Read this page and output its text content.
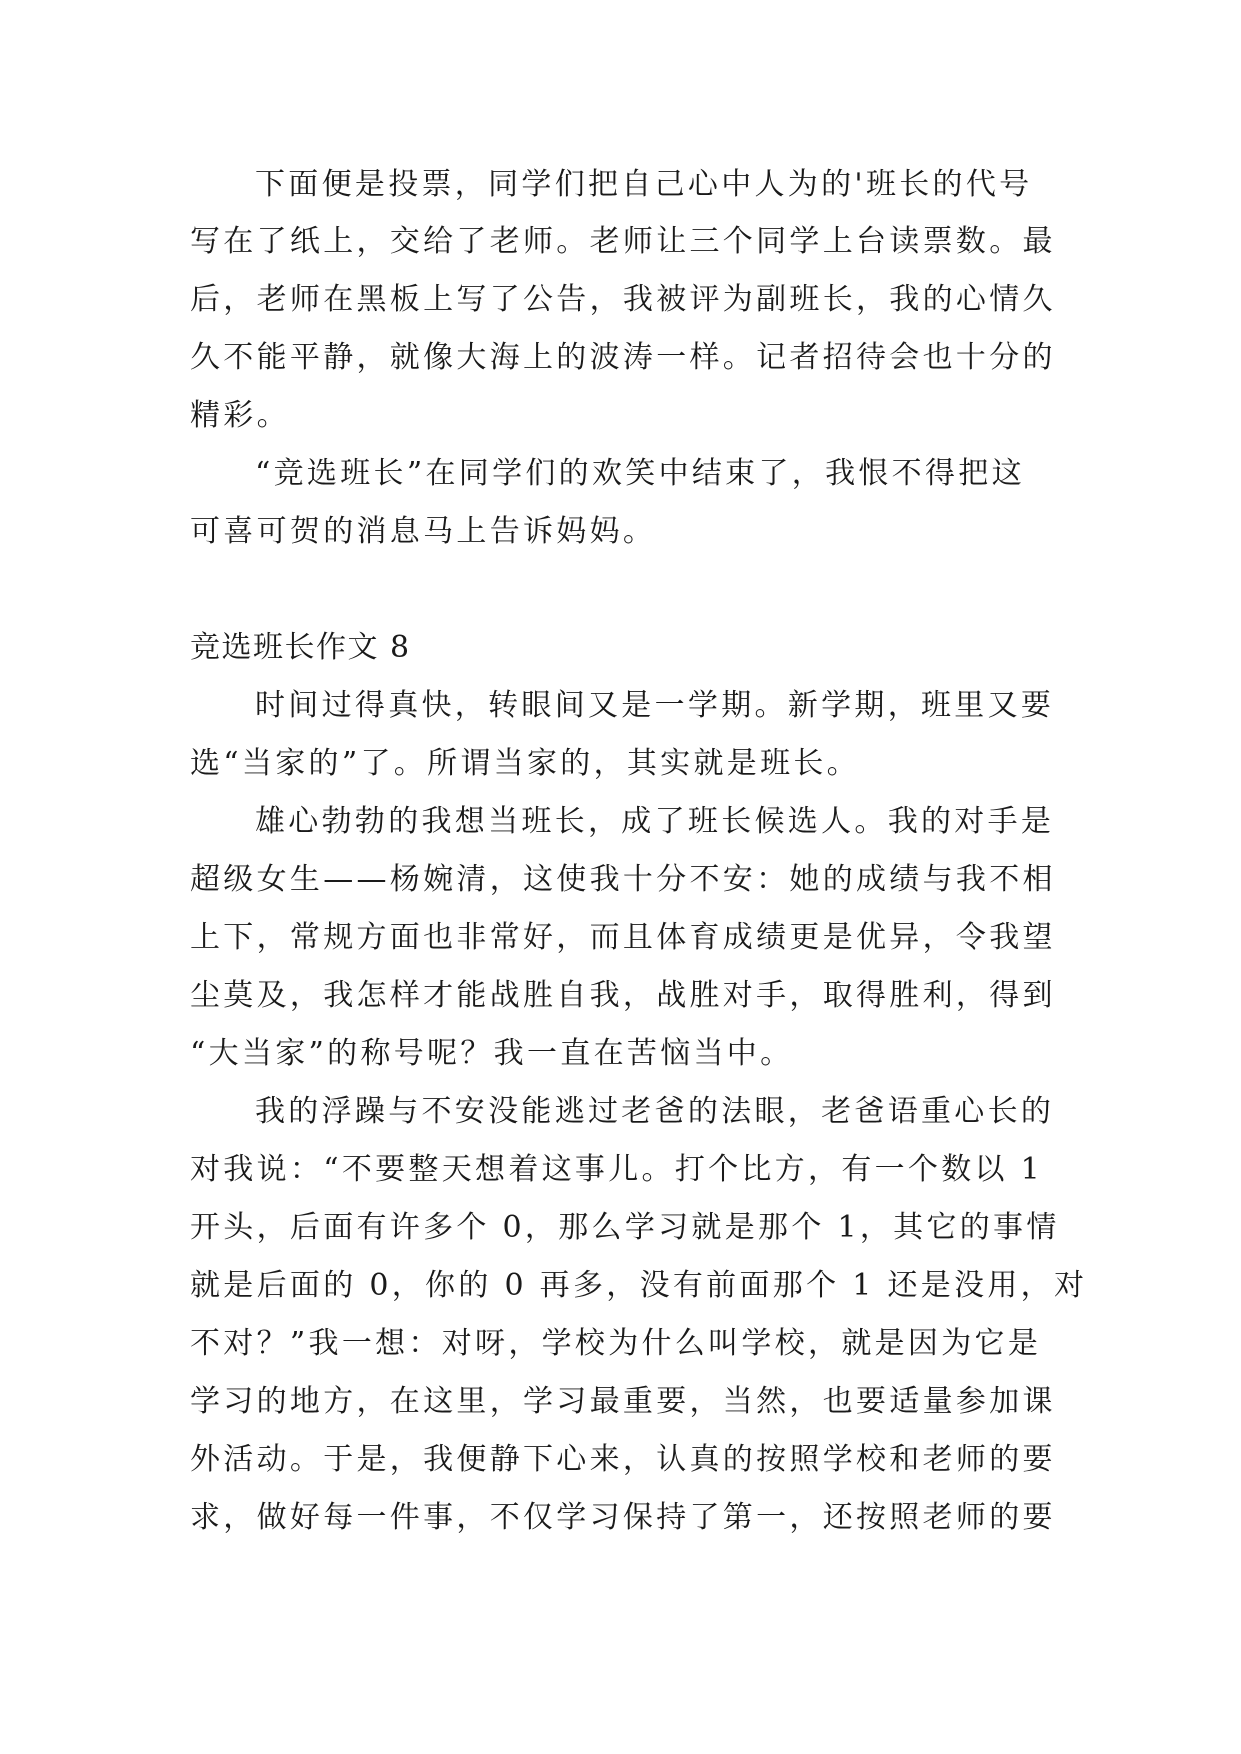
下面便是投票，同学们把自己心中人为的'班长的代号
写在了纸上，交给了老师。老师让三个同学上台读票数。最
后，老师在黑板上写了公告，我被评为副班长，我的心情久
久不能平静，就像大海上的波涛一样。记者招待会也十分的
精彩。
“竞选班长”在同学们的欢笑中结束了，我恨不得把这
可喜可贺的消息马上告诉妈妈。
竞选班长作文 8
时间过得真快，转眼间又是一学期。新学期，班里又要
选“当家的”了。所谓当家的，其实就是班长。
雄心勃勃的我想当班长，成了班长候选人。我的对手是
超级女生——杨婉清，这使我十分不安：她的成绩与我不相
上下，常规方面也非常好，而且体育成绩更是优异，令我望
尘莫及，我怎样才能战胜自我，战胜对手，取得胜利，得到
“大当家”的称号呢？我一直在苦恼当中。
我的浮躁与不安没能逃过老爸的法眼，老爸语重心长的
对我说：“不要整天想着这事儿。打个比方，有一个数以 1
开头，后面有许多个 0，那么学习就是那个 1，其它的事情
就是后面的 0，你的 0 再多，没有前面那个 1 还是没用，对
不对？”我一想：对呀，学校为什么叫学校，就是因为它是
学习的地方，在这里，学习最重要，当然，也要适量参加课
外活动。于是，我便静下心来，认真的按照学校和老师的要
求，做好每一件事，不仅学习保持了第一，还按照老师的要
